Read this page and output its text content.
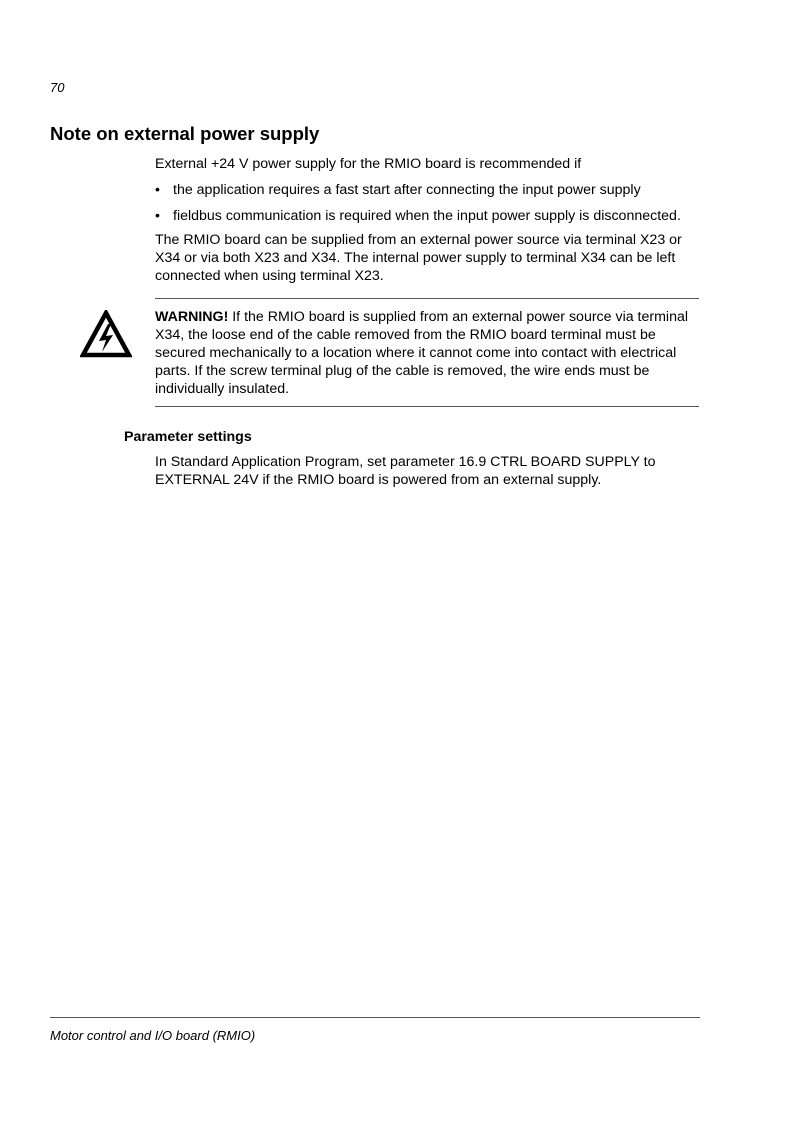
70
Note on external power supply
External +24 V power supply for the RMIO board is recommended if
• the application requires a fast start after connecting the input power supply
• fieldbus communication is required when the input power supply is disconnected.
The RMIO board can be supplied from an external power source via terminal X23 or X34 or via both X23 and X34. The internal power supply to terminal X34 can be left connected when using terminal X23.
WARNING! If the RMIO board is supplied from an external power source via terminal X34, the loose end of the cable removed from the RMIO board terminal must be secured mechanically to a location where it cannot come into contact with electrical parts. If the screw terminal plug of the cable is removed, the wire ends must be individually insulated.
Parameter settings
In Standard Application Program, set parameter 16.9 CTRL BOARD SUPPLY to EXTERNAL 24V if the RMIO board is powered from an external supply.
Motor control and I/O board (RMIO)
